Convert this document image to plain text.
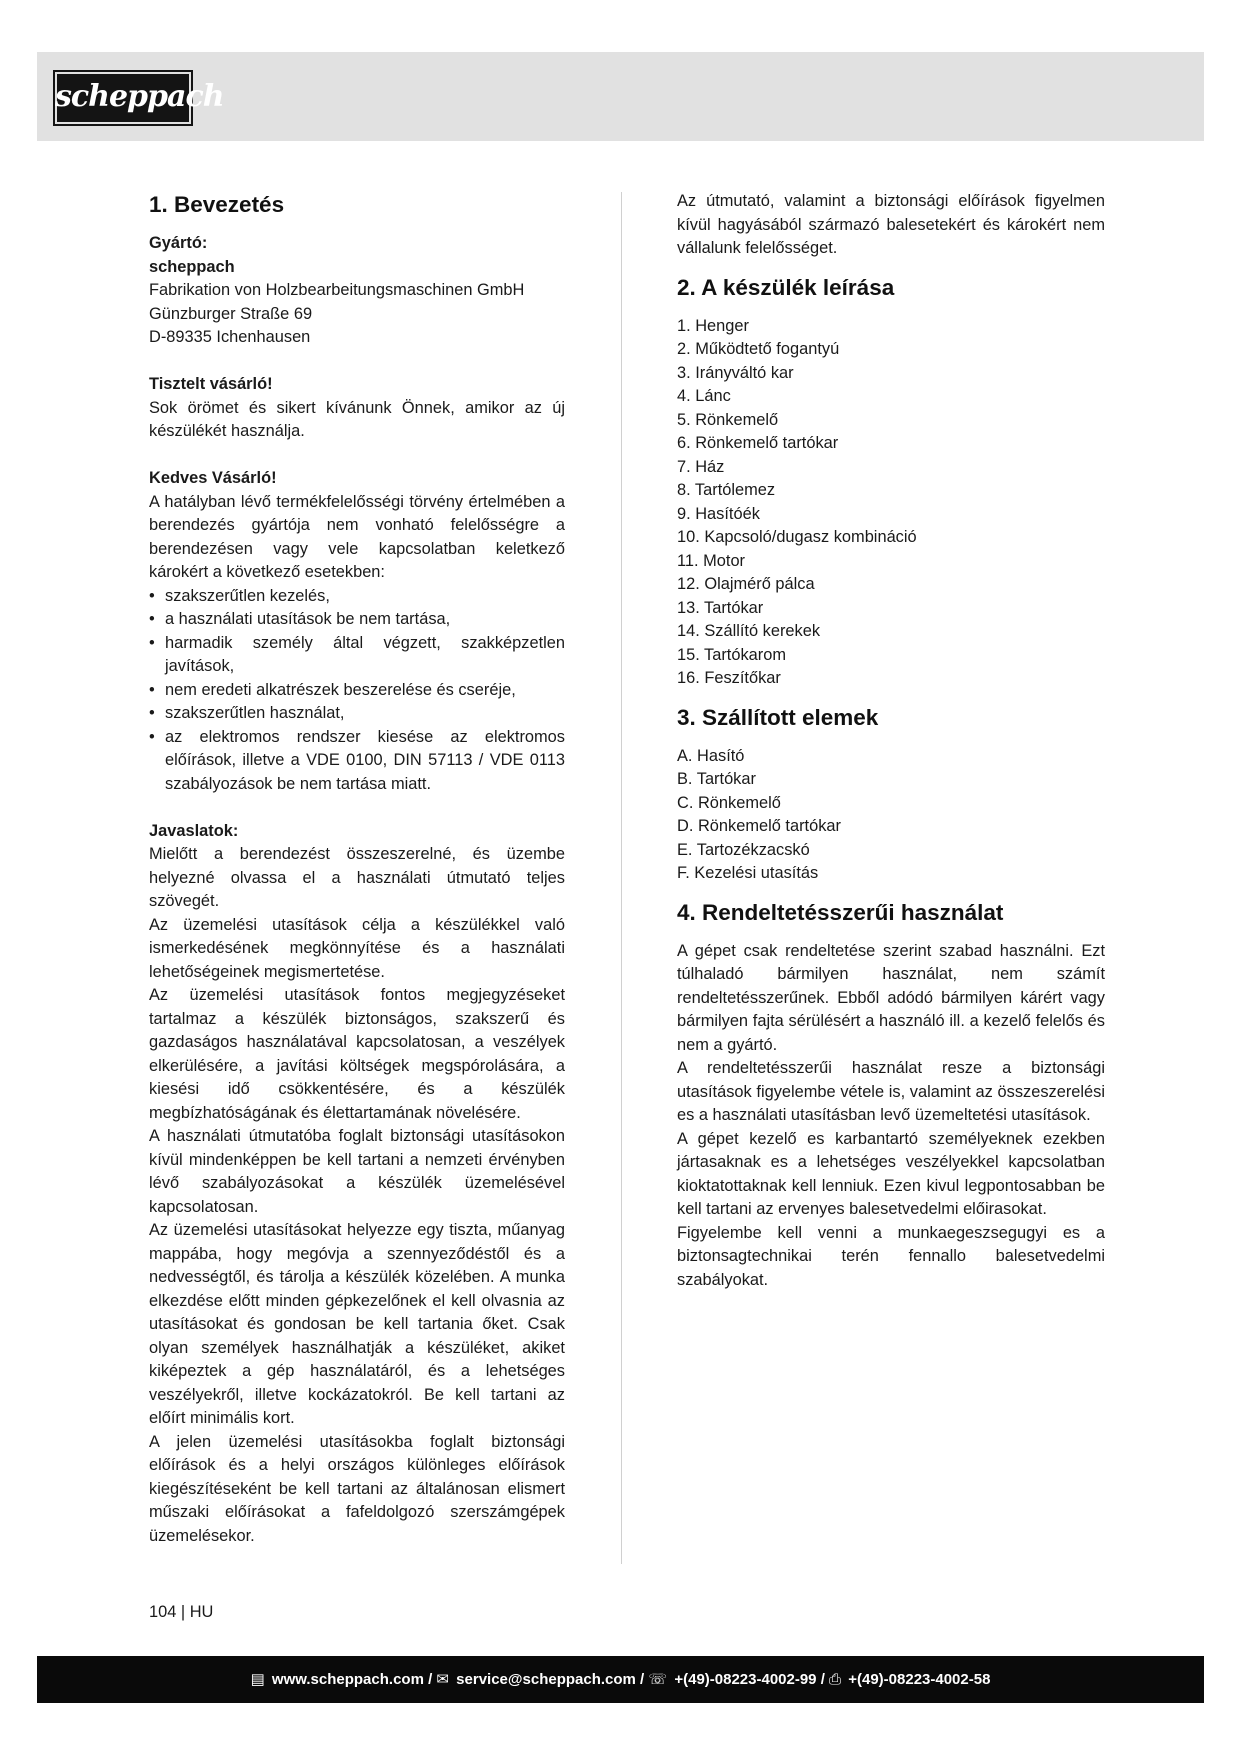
scheppach
1. Bevezetés

Gyártó:

scheppach

Fabrikation von Holzbearbeitungsmaschinen GmbH

Günzburger Straße 69

D-89335 Ichenhausen

Tisztelt vásárló!

Sok örömet és sikert kívánunk Önnek, amikor az új készülékét használja.

Kedves Vásárló!

A hatályban lévő termékfelelősségi törvény értelmében a berendezés gyártója nem vonható felelősségre a berendezésen vagy vele kapcsolatban keletkező károkért a következő esetekben:

• szakszerűtlen kezelés,
• a használati utasítások be nem tartása,
• harmadik személy által végzett, szakképzetlen javítások,
• nem eredeti alkatrészek beszerelése és cseréje,
• szakszerűtlen használat,
• az elektromos rendszer kiesése az elektromos előírások, illetve a VDE 0100, DIN 57113 / VDE 0113 szabályozások be nem tartása miatt.

Javaslatok:

Mielőtt a berendezést összeszerelné, és üzembe helyezné olvassa el a használati útmutató teljes szövegét.

Az üzemelési utasítások célja a készülékkel való ismerkedésének megkönnyítése és a használati lehetőségeinek megismertetése.

Az üzemelési utasítások fontos megjegyzéseket tartalmaz a készülék biztonságos, szakszerű és gazdaságos használatával kapcsolatosan, a veszélyek elkerülésére, a javítási költségek megspórolására, a kiesési idő csökkentésére, és a készülék megbízhatóságának és élettartamának növelésére.

A használati útmutatóba foglalt biztonsági utasításokon kívül mindenképpen be kell tartani a nemzeti érvényben lévő szabályozásokat a készülék üzemelésével kapcsolatosan.

Az üzemelési utasításokat helyezze egy tiszta, műanyag mappába, hogy megóvja a szennyeződéstől és a nedvességtől, és tárolja a készülék közelében. A munka elkezdése előtt minden gépkezelőnek el kell olvasnia az utasításokat és gondosan be kell tartania őket. Csak olyan személyek használhatják a készüléket, akiket kiképeztek a gép használatáról, és a lehetséges veszélyekről, illetve kockázatokról. Be kell tartani az előírt minimális kort.

A jelen üzemelési utasításokba foglalt biztonsági előírások és a helyi országos különleges előírások kiegészítéseként be kell tartani az általánosan elismert műszaki előírásokat a fafeldolgozó szerszámgépek üzemelésekor.

Az útmutató, valamint a biztonsági előírások figyelmen kívül hagyásából származó balesetekért és károkért nem vállalunk felelősséget.

2. A készülék leírása
1. Henger
2. Működtető fogantyú
3. Irányváltó kar
4. Lánc
5. Rönkemelő
6. Rönkemelő tartókar
7. Ház
8. Tartólemez
9. Hasítóék
10. Kapcsoló/dugasz kombináció
11. Motor
12. Olajmérő pálca
13. Tartókar
14. Szállító kerekek
15. Tartókarom
16. Feszítőkar
3. Szállított elemek
A. Hasító
B. Tartókar
C. Rönkemelő
D. Rönkemelő tartókar
E. Tartozékzacskó
F. Kezelési utasítás
4. Rendeltetésszerűi használat

A gépet csak rendeltetése szerint szabad használni. Ezt túlhaladó bármilyen használat, nem számít rendeltetésszerűnek. Ebből adódó bármilyen kárért vagy bármilyen fajta sérülésért a használó ill. a kezelő felelős és nem a gyártó.

A rendeltetésszerűi használat resze a biztonsági utasítások figyelembe vétele is, valamint az összeszerelési es a használati utasításban levő üzemeltetési utasítások.

A gépet kezelő es karbantartó személyeknek ezekben jártasaknak es a lehetséges veszélyekkel kapcsolatban kioktatottaknak kell lenniuk. Ezen kivul legpontosabban be kell tartani az ervenyes balesetvedelmi előirasokat.

Figyelembe kell venni a munkaegeszsegugyi es a biztonsagtechnikai terén fennallo balesetvedelmi szabályokat.

104 | HU
▤ www.scheppach.com / ✉ service@scheppach.com / ☏ +(49)-08223-4002-99 / ⎙ +(49)-08223-4002-58
